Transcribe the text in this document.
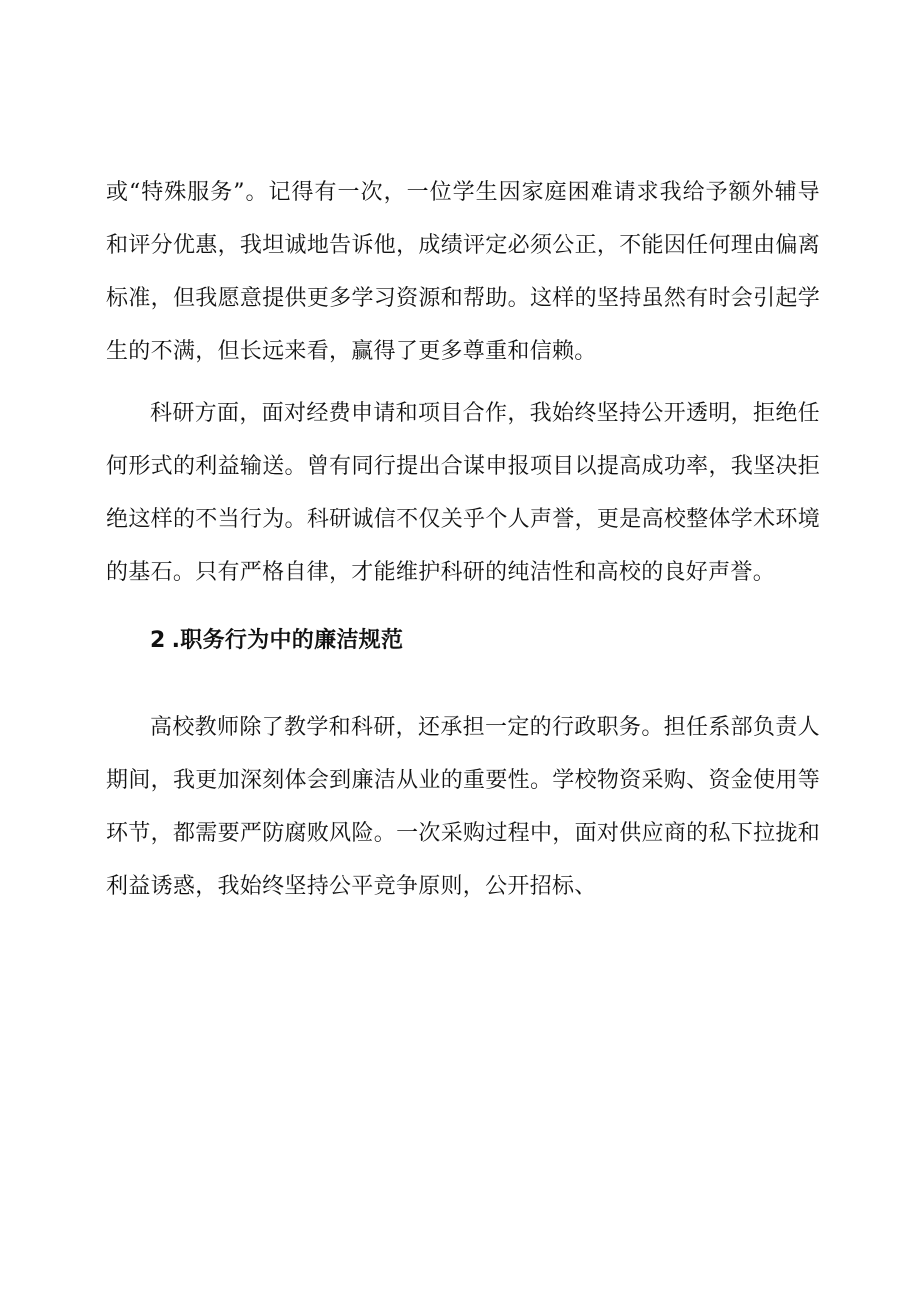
或“特殊服务”。记得有一次，一位学生因家庭困难请求我给予额外辅导和评分优惠，我坦诚地告诉他，成绩评定必须公正，不能因任何理由偏离标准，但我愿意提供更多学习资源和帮助。这样的坚持虽然有时会引起学生的不满，但长远来看，赢得了更多尊重和信赖。

科研方面，面对经费申请和项目合作，我始终坚持公开透明，拒绝任何形式的利益输送。曾有同行提出合谋申报项目以提高成功率，我坚决拒绝这样的不当行为。科研诚信不仅关乎个人声誉，更是高校整体学术环境的基石。只有严格自律，才能维护科研的纯洁性和高校的良好声誉。

2 .职务行为中的廉洁规范

高校教师除了教学和科研，还承担一定的行政职务。担任系部负责人期间，我更加深刻体会到廉洁从业的重要性。学校物资采购、资金使用等环节，都需要严防腐败风险。一次采购过程中，面对供应商的私下拉拢和利益诱惑，我始终坚持公平竞争原则，公开招标、
